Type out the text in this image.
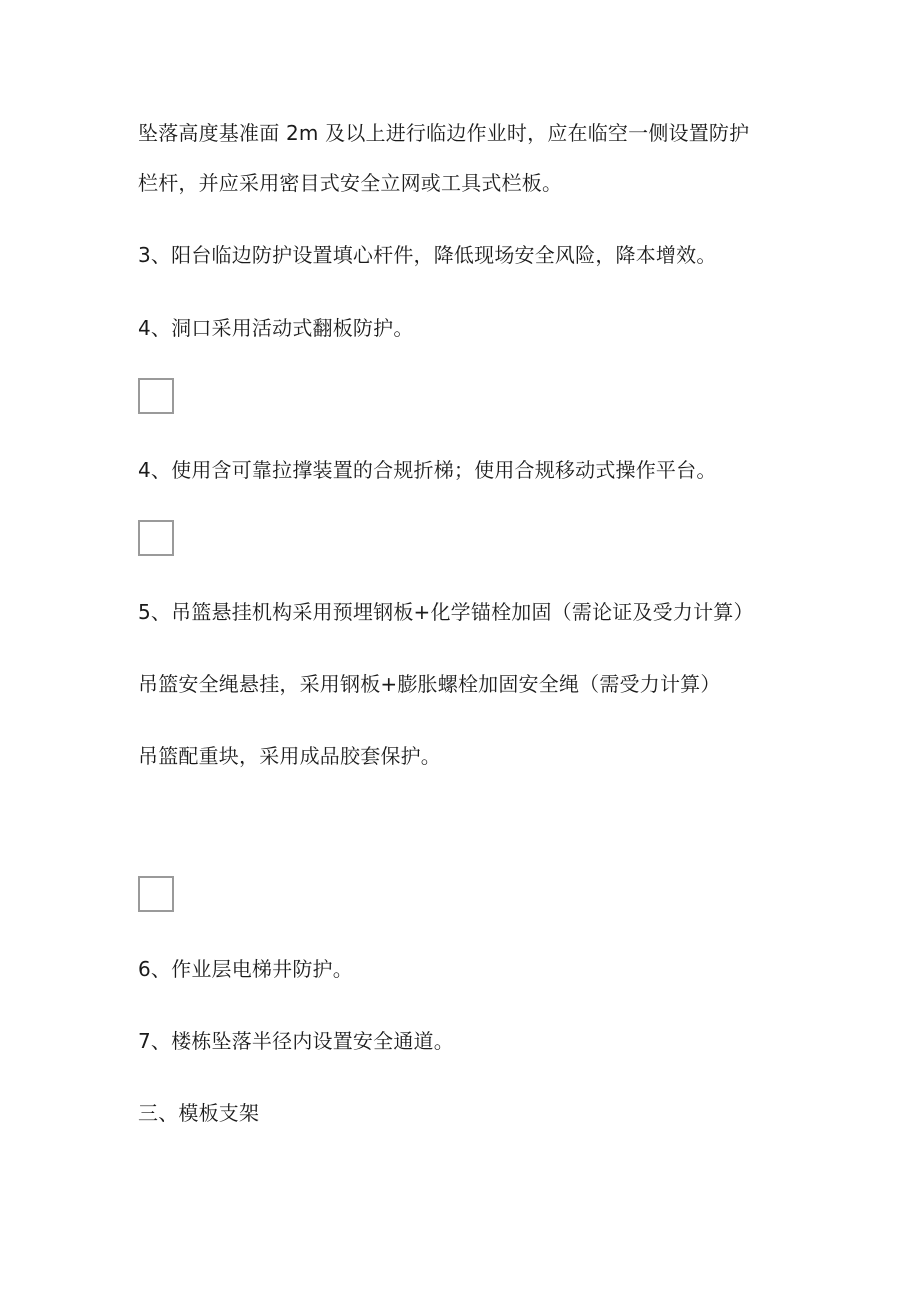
坠落高度基准面 2m 及以上进行临边作业时，应在临空一侧设置防护
栏杆，并应采用密目式安全立网或工具式栏板。
3、阳台临边防护设置填心杆件，降低现场安全风险，降本增效。
4、洞口采用活动式翻板防护。
4、使用含可靠拉撑装置的合规折梯；使用合规移动式操作平台。
5、吊篮悬挂机构采用预埋钢板+化学锚栓加固（需论证及受力计算）
吊篮安全绳悬挂，采用钢板+膨胀螺栓加固安全绳（需受力计算）
吊篮配重块，采用成品胶套保护。
6、作业层电梯井防护。
7、楼栋坠落半径内设置安全通道。
三、模板支架
